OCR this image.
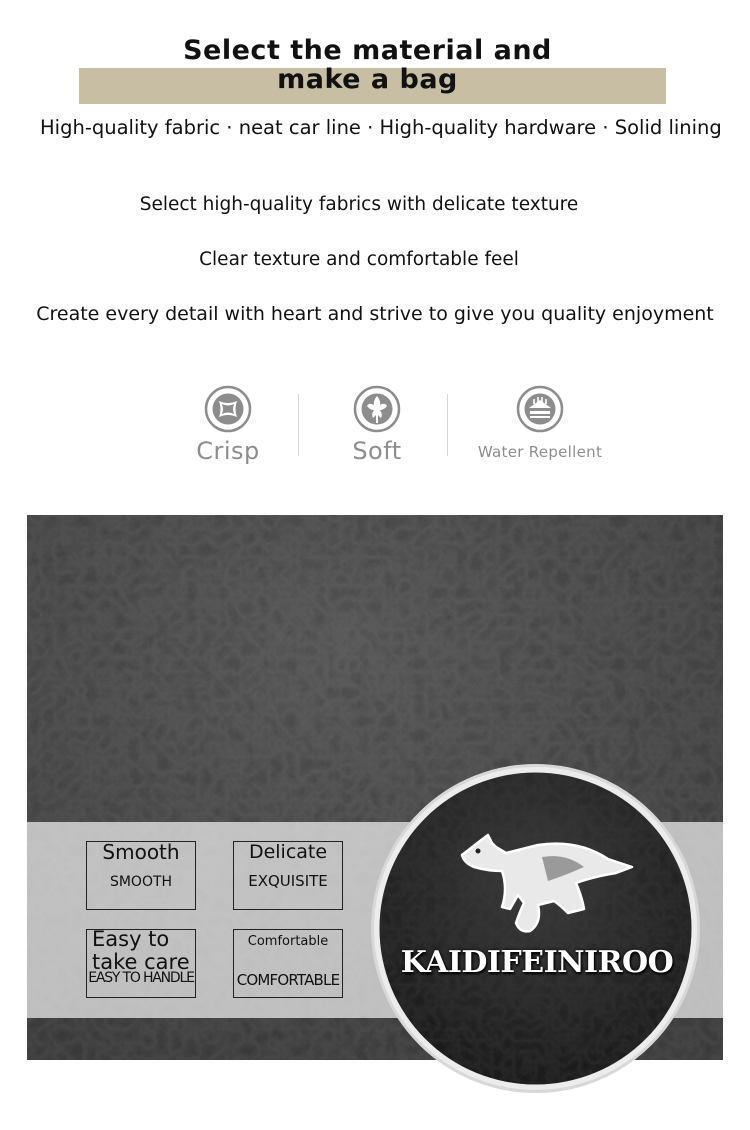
Select the material and
make a bag
High-quality fabric · neat car line · High-quality hardware · Solid lining

Select high-quality fabrics with delicate texture

Clear texture and comfortable feel

Create every detail with heart and strive to give you quality enjoyment

Crisp	Soft	Water Repellent
Smooth
SMOOTH
Delicate
EXQUISITE
Easy to take care
EASY TO HANDLE
Comfortable
COMFORTABLE KAIDIFEINIROO
